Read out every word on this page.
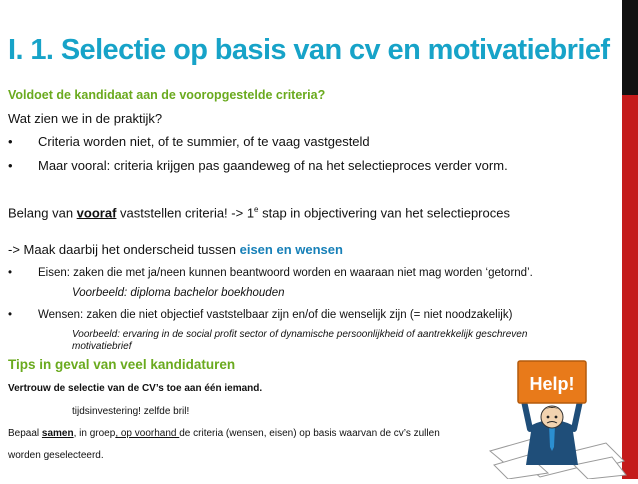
I. 1. Selectie op basis van cv en motivatiebrief
Voldoet de kandidaat aan de vooropgestelde criteria?
Wat zien we in de praktijk?
• Criteria worden niet, of te summier, of te vaag vastgesteld
• Maar vooral: criteria krijgen pas gaandeweg of na het selectieproces verder vorm.
Belang van vooraf vaststellen criteria! -> $1^e$ stap in objectivering van het selectieproces
-> Maak daarbij het onderscheid tussen eisen en wensen
• Eisen: zaken die met ja/neen kunnen beantwoord worden en waaraan niet mag worden ‘getornd’.
Voorbeeld: diploma bachelor boekhouden
• Wensen: zaken die niet objectief vaststelbaar zijn en/of die wenselijk zijn (= niet noodzakelijk)
Voorbeeld: ervaring in de social profit sector of dynamische persoonlijkheid of aantrekkelijk geschreven
motivatiebrief
Tips in geval van veel kandidaturen
Vertrouw de selectie van de CV’s toe aan één iemand.
tijdsinvestering! zelfde bril!
Bepaal samen, in groep, op voorhand de criteria (wensen, eisen) op basis waarvan de cv’s zullen
worden geselecteerd.
Help!
